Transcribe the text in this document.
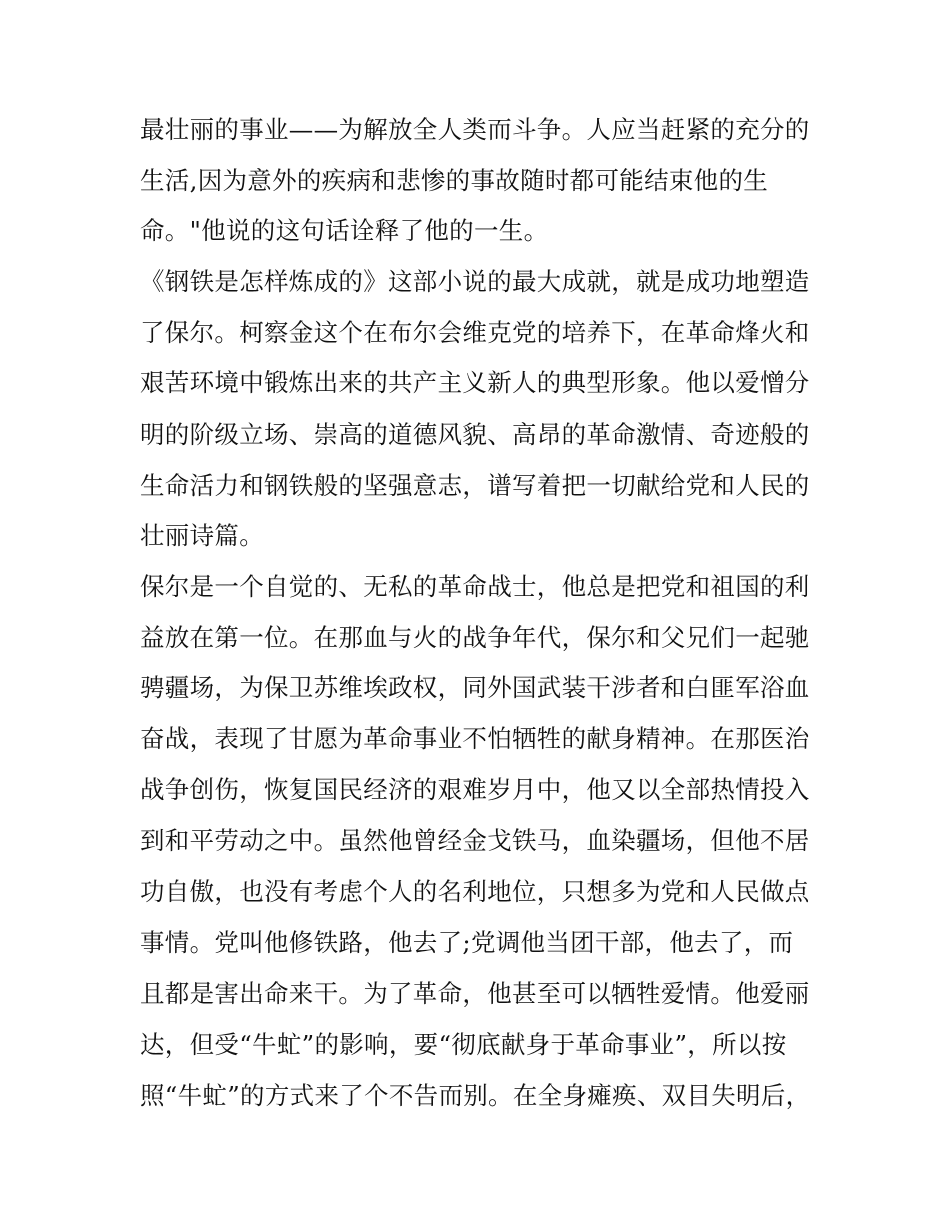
最壮丽的事业——为解放全人类而斗争。人应当赶紧的充分的
生活,因为意外的疾病和悲惨的事故随时都可能结束他的生
命。"他说的这句话诠释了他的一生。
《钢铁是怎样炼成的》这部小说的最大成就，就是成功地塑造
了保尔。柯察金这个在布尔会维克党的培养下，在革命烽火和
艰苦环境中锻炼出来的共产主义新人的典型形象。他以爱憎分
明的阶级立场、崇高的道德风貌、高昂的革命激情、奇迹般的
生命活力和钢铁般的坚强意志，谱写着把一切献给党和人民的
壮丽诗篇。
保尔是一个自觉的、无私的革命战士，他总是把党和祖国的利
益放在第一位。在那血与火的战争年代，保尔和父兄们一起驰
骋疆场，为保卫苏维埃政权，同外国武装干涉者和白匪军浴血
奋战，表现了甘愿为革命事业不怕牺牲的献身精神。在那医治
战争创伤，恢复国民经济的艰难岁月中，他又以全部热情投入
到和平劳动之中。虽然他曾经金戈铁马，血染疆场，但他不居
功自傲，也没有考虑个人的名利地位，只想多为党和人民做点
事情。党叫他修铁路，他去了;党调他当团干部，他去了，而
且都是害出命来干。为了革命，他甚至可以牺牲爱情。他爱丽
达，但受“牛虻”的影响，要“彻底献身于革命事业”，所以按
照“牛虻”的方式来了个不告而别。在全身瘫痪、双目失明后，
